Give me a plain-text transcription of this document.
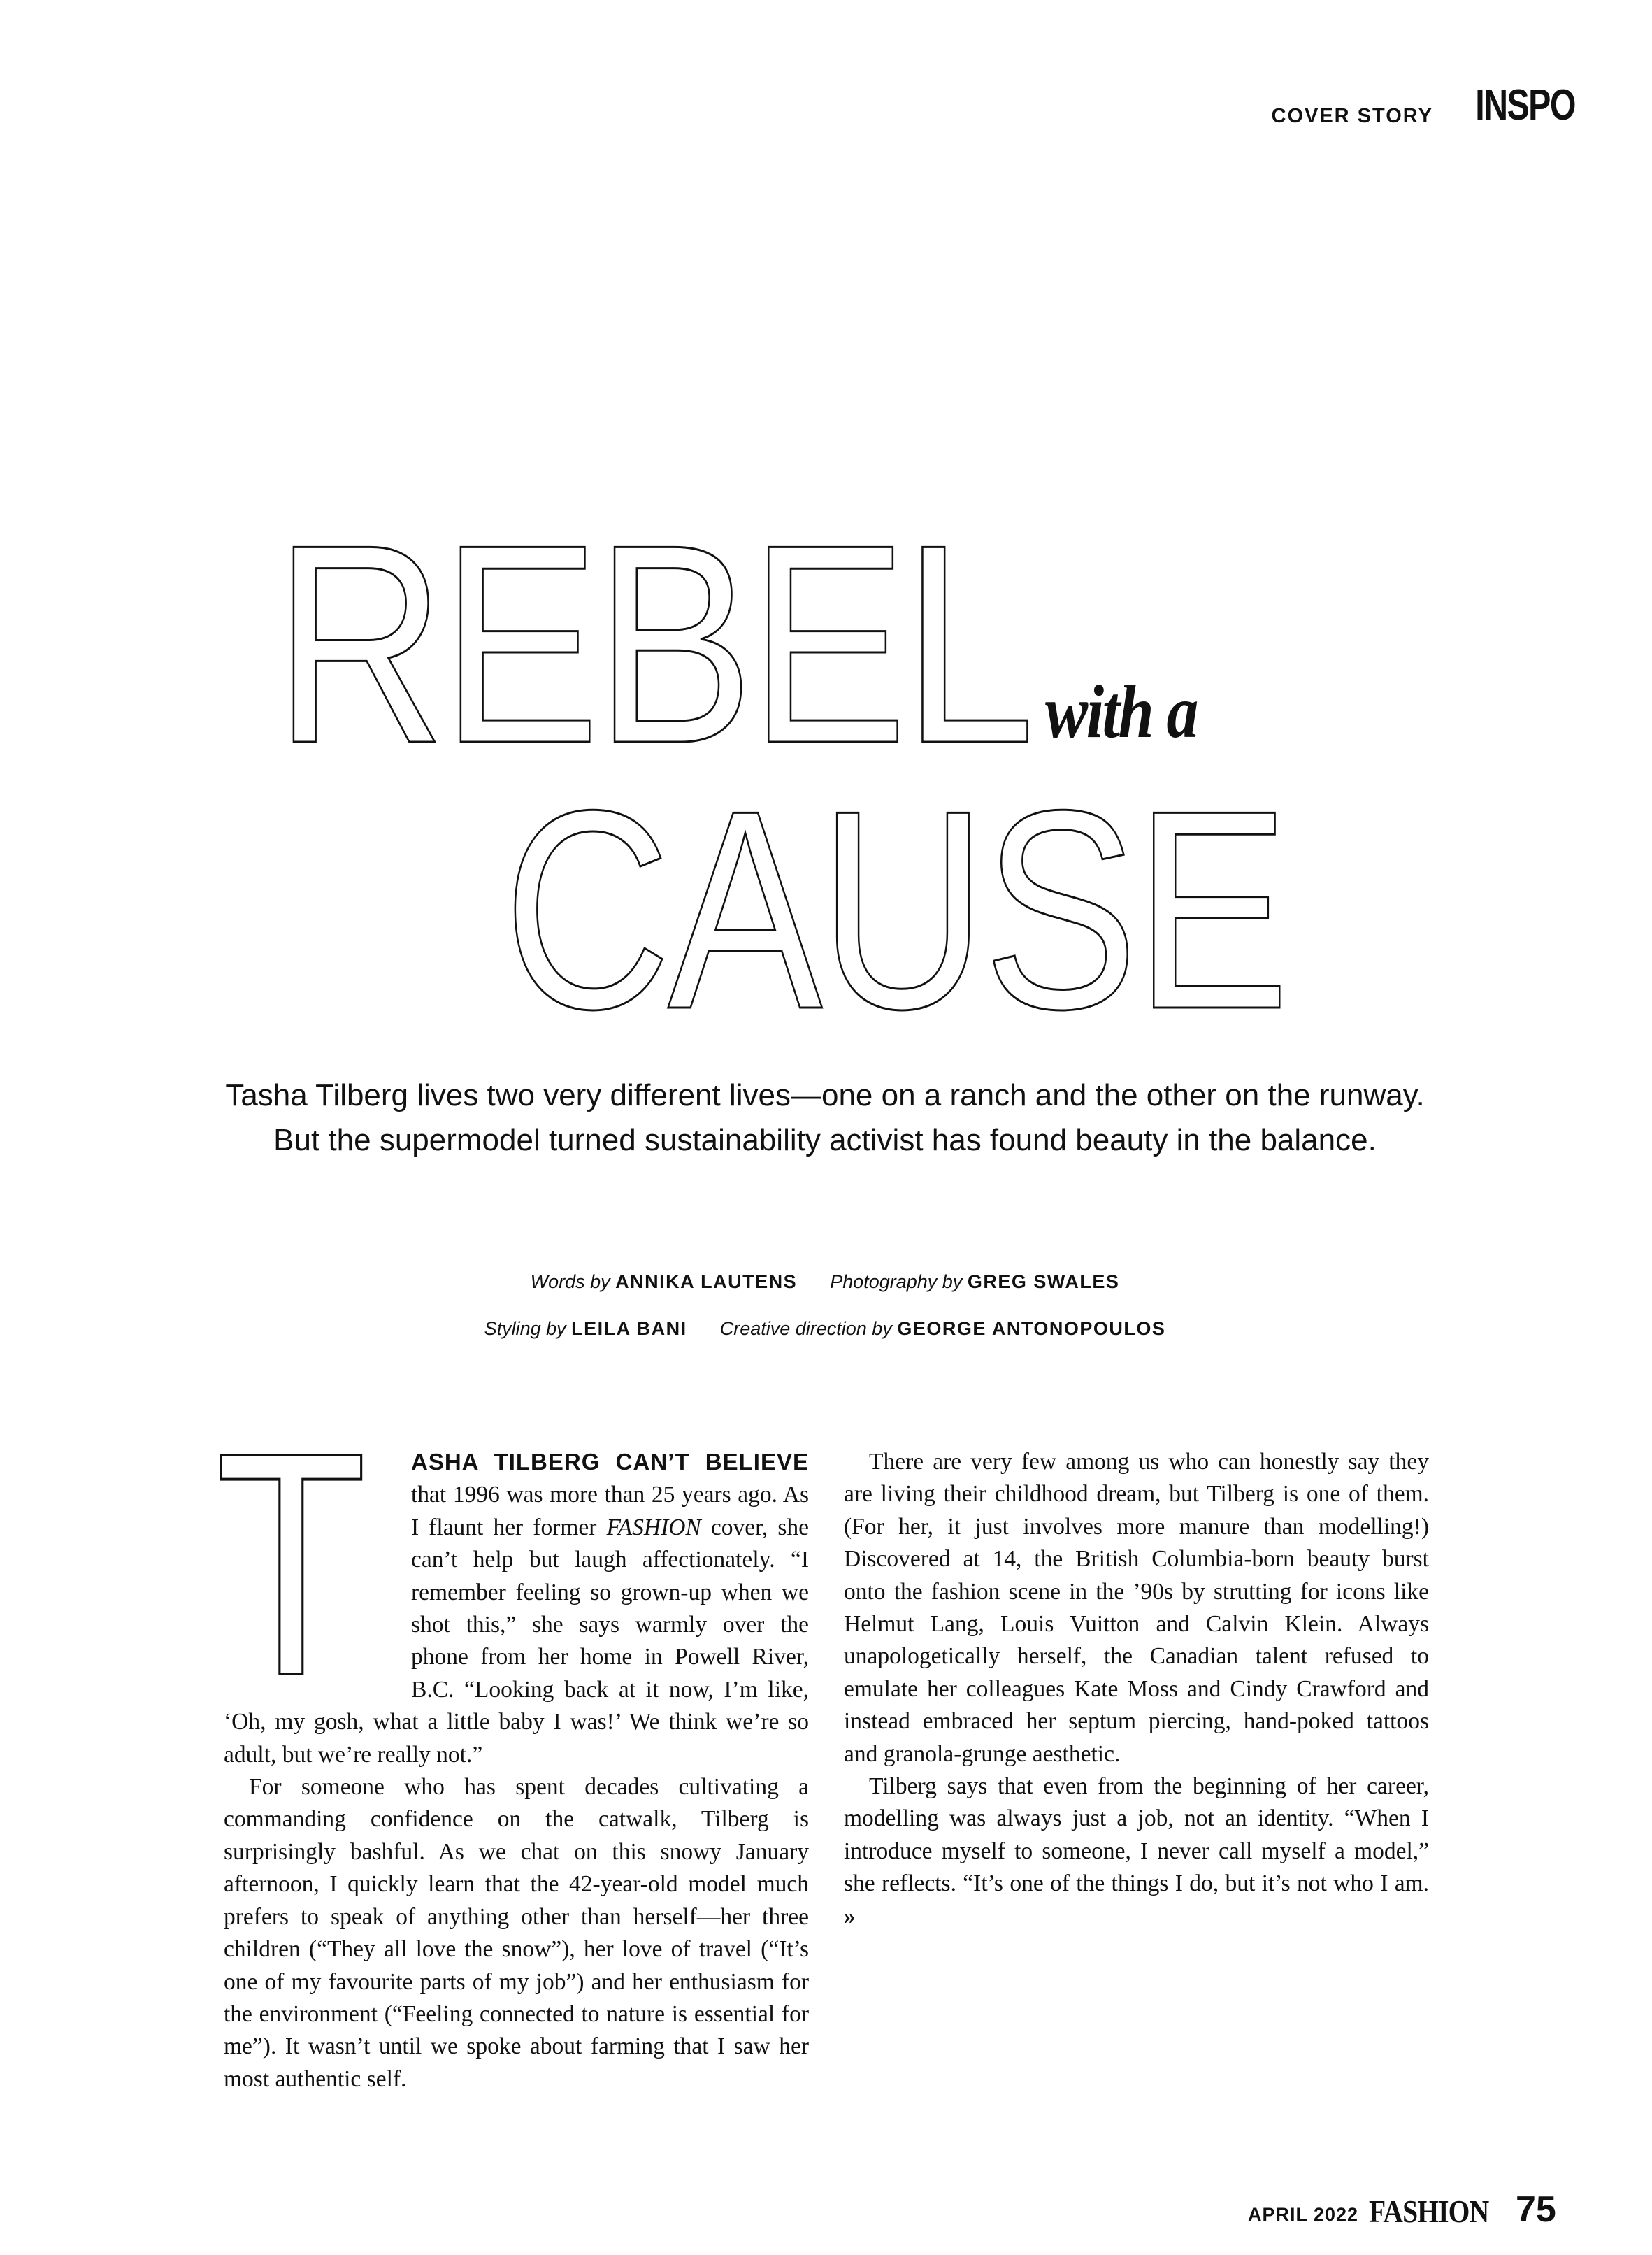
COVER STORY INSPO
REBEL with a
CAUSE
Tasha Tilberg lives two very different lives—one on a ranch and the other on the runway.
But the supermodel turned sustainability activist has found beauty in the balance.
Words by ANNIKA LAUTENS Photography by GREG SWALES
Styling by LEILA BANI Creative direction by GEORGE ANTONOPOULOS
T	ASHA TILBERG CAN’T BELIEVE that 1996 was more than 25 years ago. As I flaunt her former FASHION cover, she can’t help but laugh affectionately. “I remember feeling so grown-up when we shot this,” she says warmly over the phone from her home in Powell River, B.C. “Looking back at it now, I’m like, ‘Oh, my gosh, what a little baby I was!’ We think we’re so adult, but we’re really not.”

For someone who has spent decades cultivating a commanding confidence on the catwalk, Tilberg is surprisingly bashful. As we chat on this snowy January afternoon, I quickly learn that the 42-year-old model much prefers to speak of anything other than herself—her three children (“They all love the snow”), her love of travel (“It’s one of my favourite parts of my job”) and her enthusiasm for the environment (“Feeling connected to nature is essential for me”). It wasn’t until we spoke about farming that I saw her most authentic self.

There are very few among us who can honestly say they are living their childhood dream, but Tilberg is one of them. (For her, it just involves more manure than modelling!) Discovered at 14, the British Columbia-born beauty burst onto the fashion scene in the ’90s by strutting for icons like Helmut Lang, Louis Vuitton and Calvin Klein. Always unapologetically herself, the Canadian talent refused to emulate her colleagues Kate Moss and Cindy Crawford and instead embraced her septum piercing, hand-poked tattoos and granola-grunge aesthetic.

Tilberg says that even from the beginning of her career, modelling was always just a job, not an identity. “When I introduce myself to someone, I never call myself a model,” she reflects. “It’s one of the things I do, but it’s not who I am. »

APRIL 2022 FASHION 75
